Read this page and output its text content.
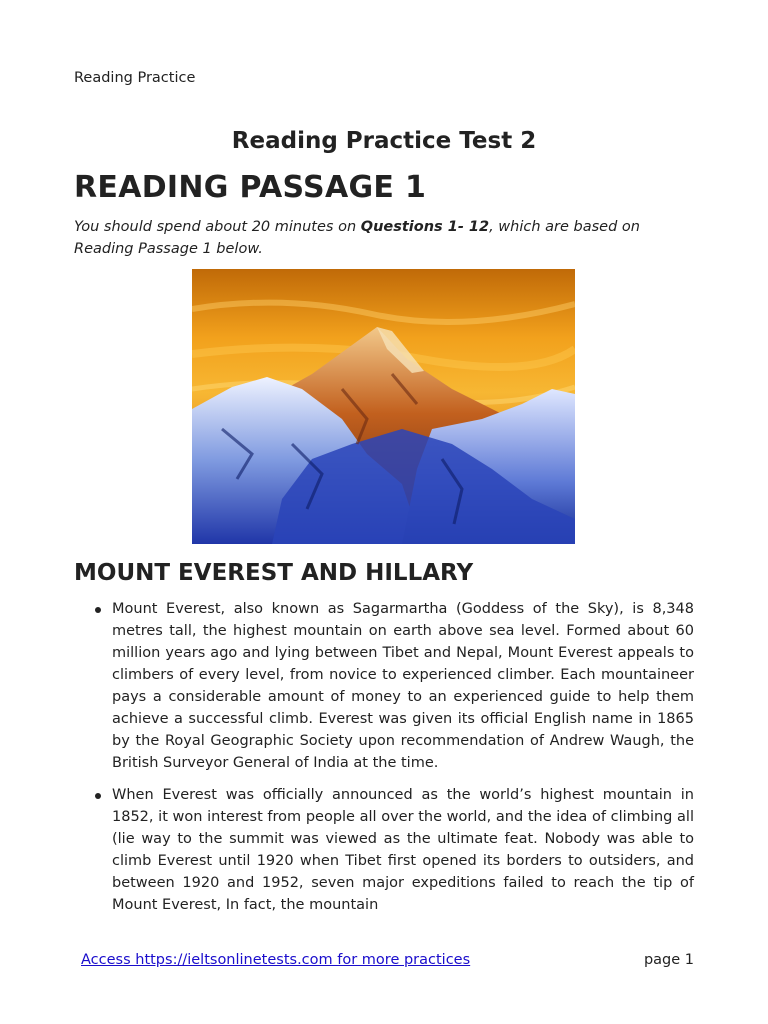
Reading Practice
Reading Practice Test 2
READING PASSAGE 1
You should spend about 20 minutes on Questions 1- 12, which are based on Reading Passage 1 below.
MOUNT EVEREST AND HILLARY
Mount Everest, also known as Sagarmartha (Goddess of the Sky), is 8,348 metres tall, the highest mountain on earth above sea level. Formed about 60 million years ago and lying between Tibet and Nepal, Mount Everest appeals to climbers of every level, from novice to experienced climber. Each mountaineer pays a considerable amount of money to an experienced guide to help them achieve a successful climb. Everest was given its official English name in 1865 by the Royal Geographic Society upon recommendation of Andrew Waugh, the British Surveyor General of India at the time.
When Everest was officially announced as the world’s highest mountain in 1852, it won interest from people all over the world, and the idea of climbing all (lie way to the summit was viewed as the ultimate feat. Nobody was able to climb Everest until 1920 when Tibet first opened its borders to outsiders, and between 1920 and 1952, seven major expeditions failed to reach the tip of Mount Everest, In fact, the mountain
Access https://ieltsonlinetests.com for more practices	page 1
